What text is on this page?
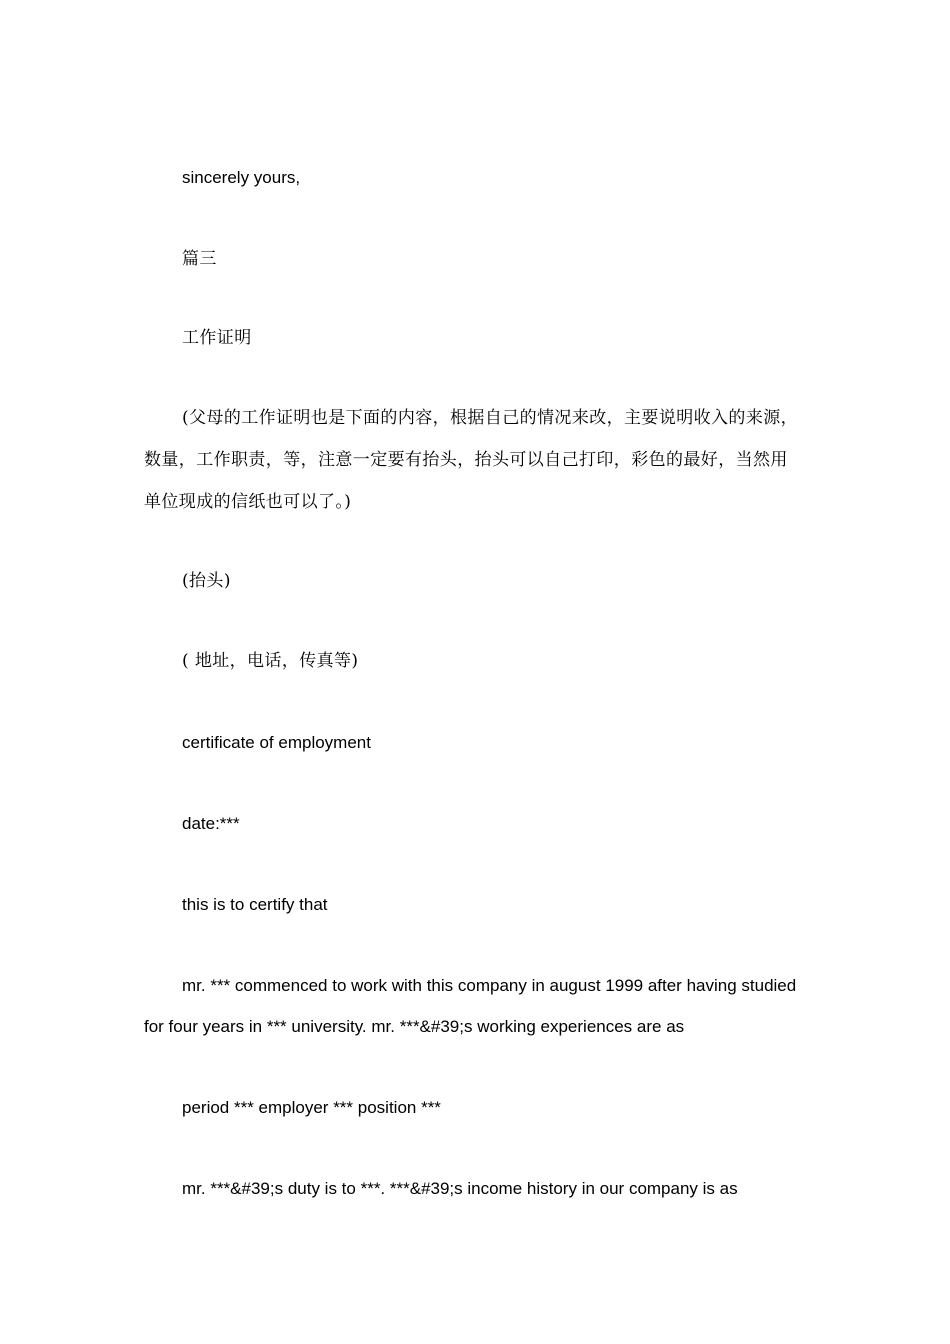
sincerely yours,
篇三
工作证明
(父母的工作证明也是下面的内容，根据自己的情况来改，主要说明收入的来源，数量，工作职责，等，注意一定要有抬头，抬头可以自己打印，彩色的最好，当然用单位现成的信纸也可以了。)
(抬头)
( 地址，电话，传真等)
certificate of employment
date:***
this is to certify that
mr. *** commenced to work with this company in august 1999 after having studied for four years in *** university. mr. ***&#39;s working experiences are as
period *** employer *** position ***
mr. ***&#39;s duty is to ***. ***&#39;s income history in our company is as
